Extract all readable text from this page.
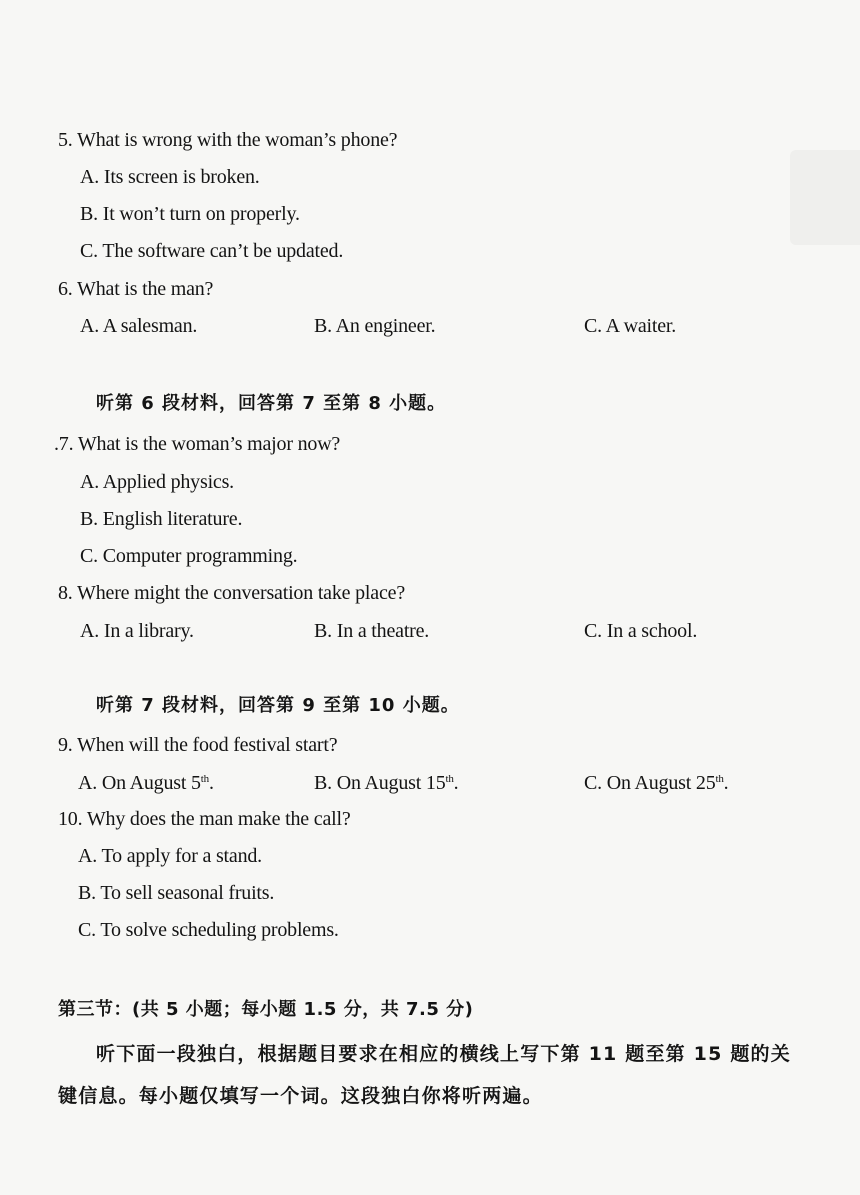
5. What is wrong with the woman’s phone?
A. Its screen is broken.
B. It won’t turn on properly.
C. The software can’t be updated.
6. What is the man?
A. A salesman.	B. An engineer.	C. A waiter.
听第 6 段材料，回答第 7 至第 8 小题。
.7. What is the woman’s major now?
A. Applied physics.
B. English literature.
C. Computer programming.
8. Where might the conversation take place?
A. In a library.	B. In a theatre.	C. In a school.
听第 7 段材料，回答第 9 至第 10 小题。
9. When will the food festival start?
A. On August 5th.	B. On August 15th.	C. On August 25th.
10. Why does the man make the call?
A. To apply for a stand.
B. To sell seasonal fruits.
C. To solve scheduling problems.
第三节：(共 5 小题；每小题 1.5 分，共 7.5 分)
听下面一段独白，根据题目要求在相应的横线上写下第 11 题至第 15 题的关
键信息。每小题仅填写一个词。这段独白你将听两遍。
